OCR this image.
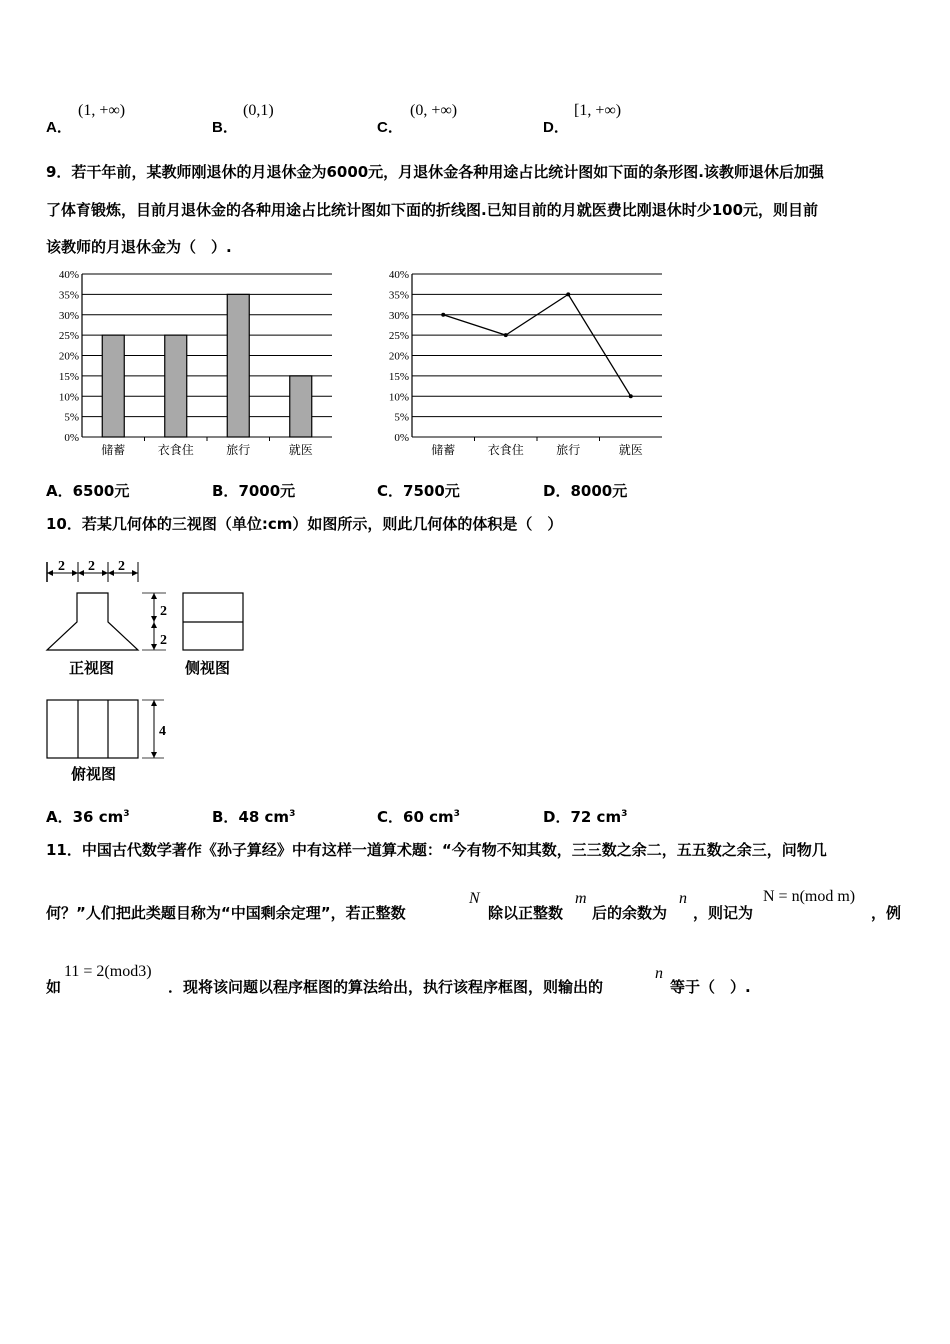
A．
(1, +∞)
B．
(0,1)
C．
(0, +∞)
D．
[1, +∞)
9．若干年前，某教师刚退休的月退休金为6000元，月退休金各种用途占比统计图如下面的条形图.该教师退休后加强
了体育锻炼，目前月退休金的各种用途占比统计图如下面的折线图.已知目前的月就医费比刚退休时少100元，则目前
该教师的月退休金为（　）.
0%
5%
10%
15%
20%
25%
30%
35%
40%
储蓄	衣食住	旅行	就医
0%
5%
10%
15%
20%
25%
30%
35%
40%
储蓄	衣食住	旅行	就医
A．6500元	B．7000元	C．7500元	D．8000元
10．若某几何体的三视图（单位:cm）如图所示，则此几何体的体积是（　）
2 2 2
2
2
4
正视图	侧视图
俯视图
A．36 $cm^3$	B．48 $cm^3$	C．60 $cm^3$	D．72 $cm^3$
11．中国古代数学著作《孙子算经》中有这样一道算术题：“今有物不知其数，三三数之余二，五五数之余三，问物几
何？”人们把此类题目称为“中国剩余定理”，若正整数
N
除以正整数
m
后的余数为
n
，则记为
N = n(mod m)
，例
如
11 = 2(mod3)
．现将该问题以程序框图的算法给出，执行该程序框图，则输出的
n
等于（　）.
